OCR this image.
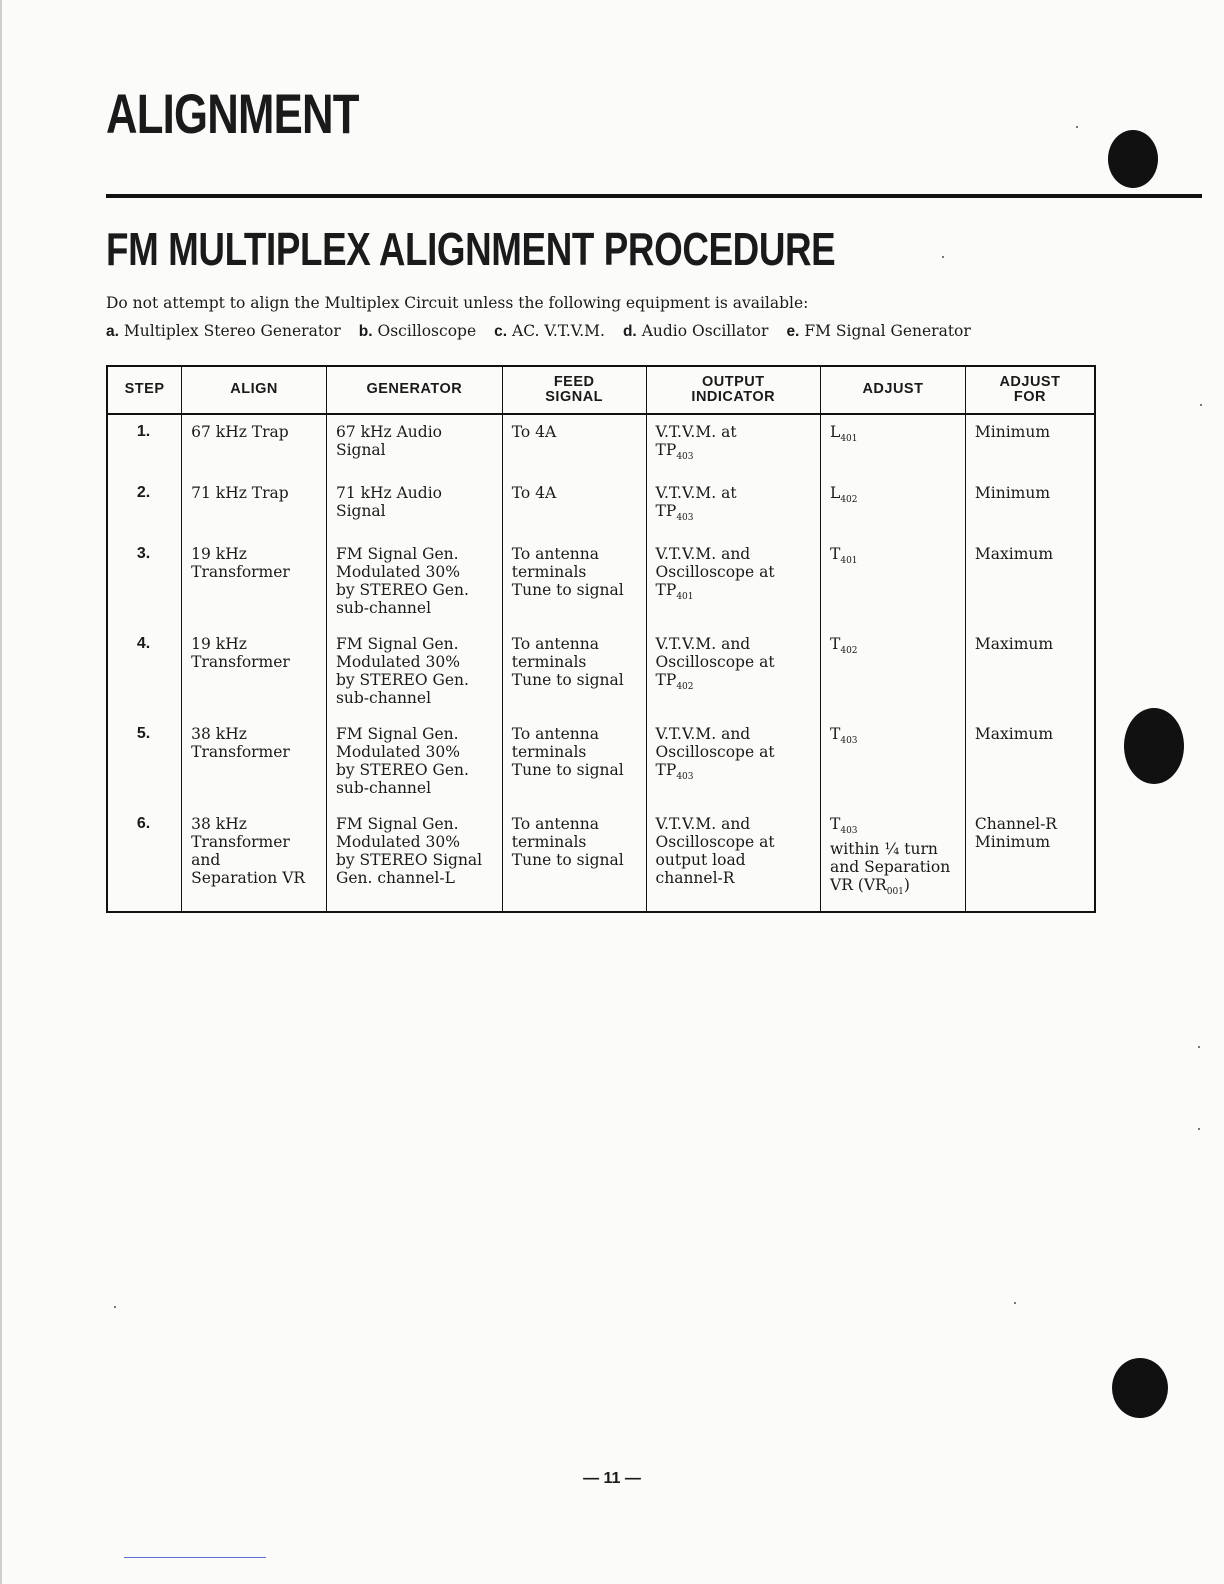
ALIGNMENT
FM MULTIPLEX ALIGNMENT PROCEDURE

Do not attempt to align the Multiplex Circuit unless the following equipment is available:

a. Multiplex Stereo Generator b. Oscilloscope c. AC. V.T.V.M. d. Audio Oscillator e. FM Signal Generator

STEP	ALIGN	GENERATOR	FEED
SIGNAL	OUTPUT
INDICATOR	ADJUST	ADJUST
FOR
1.	67 kHz Trap	67 kHz Audio
Signal	To 4A	V.T.V.M. at
$TP_{403}$	$L_{401}$	Minimum

2.	71 kHz Trap	71 kHz Audio
Signal	To 4A	V.T.V.M. at
$TP_{403}$	$L_{402}$	Minimum

3.	19 kHz
Transformer	FM Signal Gen.
Modulated 30%
by STEREO Gen.
sub-channel	To antenna
terminals
Tune to signal	V.T.V.M. and
Oscilloscope at
$TP_{401}$	$T_{401}$	Maximum

4.	19 kHz
Transformer	FM Signal Gen.
Modulated 30%
by STEREO Gen.
sub-channel	To antenna
terminals
Tune to signal	V.T.V.M. and
Oscilloscope at
$TP_{402}$	$T_{402}$	Maximum

5.	38 kHz
Transformer	FM Signal Gen.
Modulated 30%
by STEREO Gen.
sub-channel	To antenna
terminals
Tune to signal	V.T.V.M. and
Oscilloscope at
$TP_{403}$	$T_{403}$	Maximum

6.	38 kHz
Transformer
and
Separation VR	FM Signal Gen.
Modulated 30%
by STEREO Signal
Gen. channel-L	To antenna
terminals
Tune to signal	V.T.V.M. and
Oscilloscope at
output load
channel-R	$T_{403}$
within ¼ turn
and Separation
VR $(VR_{001})$	Channel-R
Minimum
— 11 —
